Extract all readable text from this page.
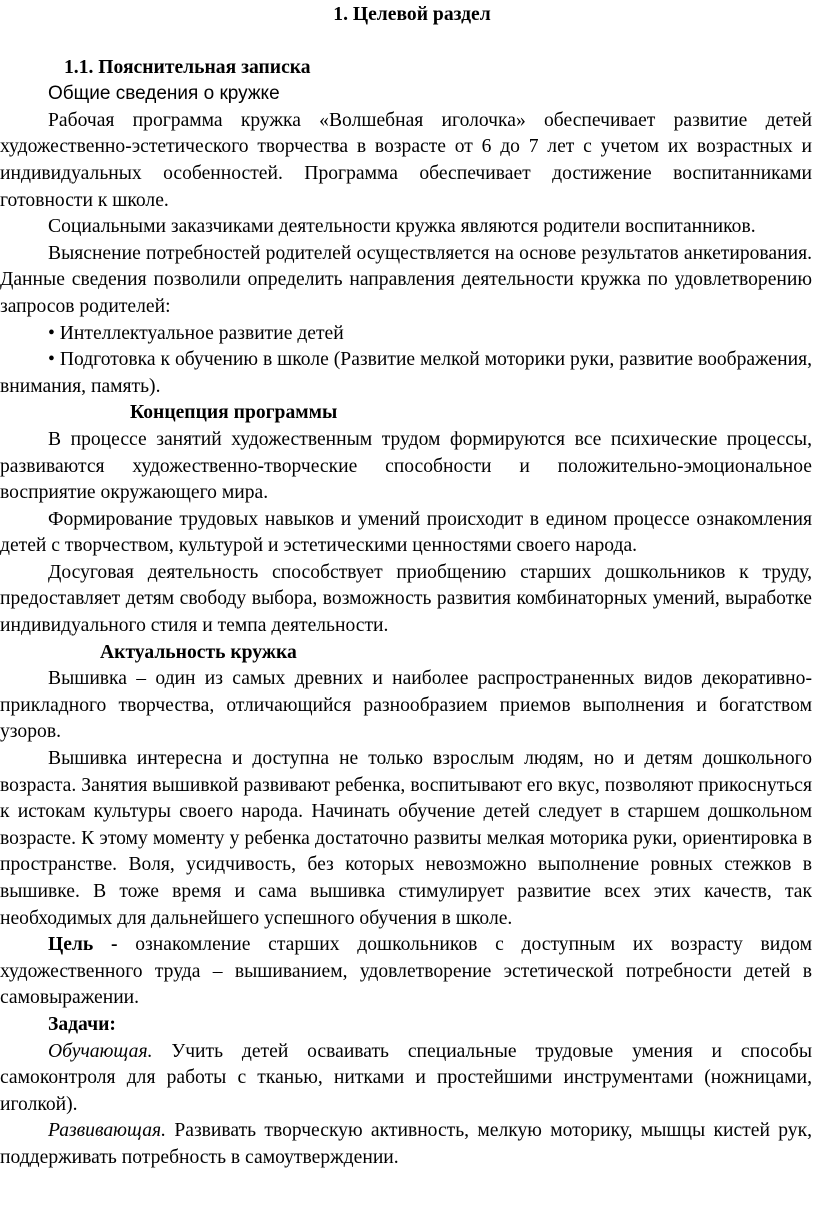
1. Целевой раздел

1.1. Пояснительная записка

Общие сведения о кружке

Рабочая программа кружка «Волшебная иголочка» обеспечивает развитие детей художественно-эстетического творчества в возрасте от 6 до 7 лет с учетом их возрастных и индивидуальных особенностей. Программа обеспечивает достижение воспитанниками готовности к школе.

Социальными заказчиками деятельности кружка являются родители воспитанников.

Выяснение потребностей родителей осуществляется на основе результатов анкетирования. Данные сведения позволили определить направления деятельности кружка по удовлетворению запросов родителей:

• Интеллектуальное развитие детей

• Подготовка к обучению в школе (Развитие мелкой моторики руки, развитие воображения, внимания, память).

Концепция программы

В процессе занятий художественным трудом формируются все психические процессы, развиваются художественно-творческие способности и положительно-эмоциональное восприятие окружающего мира.

Формирование трудовых навыков и умений происходит в едином процессе ознакомления детей с творчеством, культурой и эстетическими ценностями своего народа.

Досуговая деятельность способствует приобщению старших дошкольников к труду, предоставляет детям свободу выбора, возможность развития комбинаторных умений, выработке индивидуального стиля и темпа деятельности.

Актуальность кружка

Вышивка – один из самых древних и наиболее распространенных видов декоративно-прикладного творчества, отличающийся разнообразием приемов выполнения и богатством узоров.

Вышивка интересна и доступна не только взрослым людям, но и детям дошкольного возраста. Занятия вышивкой развивают ребенка, воспитывают его вкус, позволяют прикоснуться к истокам культуры своего народа. Начинать обучение детей следует в старшем дошкольном возрасте. К этому моменту у ребенка достаточно развиты мелкая моторика руки, ориентировка в пространстве. Воля, усидчивость, без которых невозможно выполнение ровных стежков в вышивке. В тоже время и сама вышивка стимулирует развитие всех этих качеств, так необходимых для дальнейшего успешного обучения в школе.

Цель - ознакомление старших дошкольников с доступным их возрасту видом художественного труда – вышиванием, удовлетворение эстетической потребности детей в самовыражении.

Задачи:

Обучающая. Учить детей осваивать специальные трудовые умения и способы самоконтроля для работы с тканью, нитками и простейшими инструментами (ножницами, иголкой).

Развивающая. Развивать творческую активность, мелкую моторику, мышцы кистей рук, поддерживать потребность в самоутверждении.
